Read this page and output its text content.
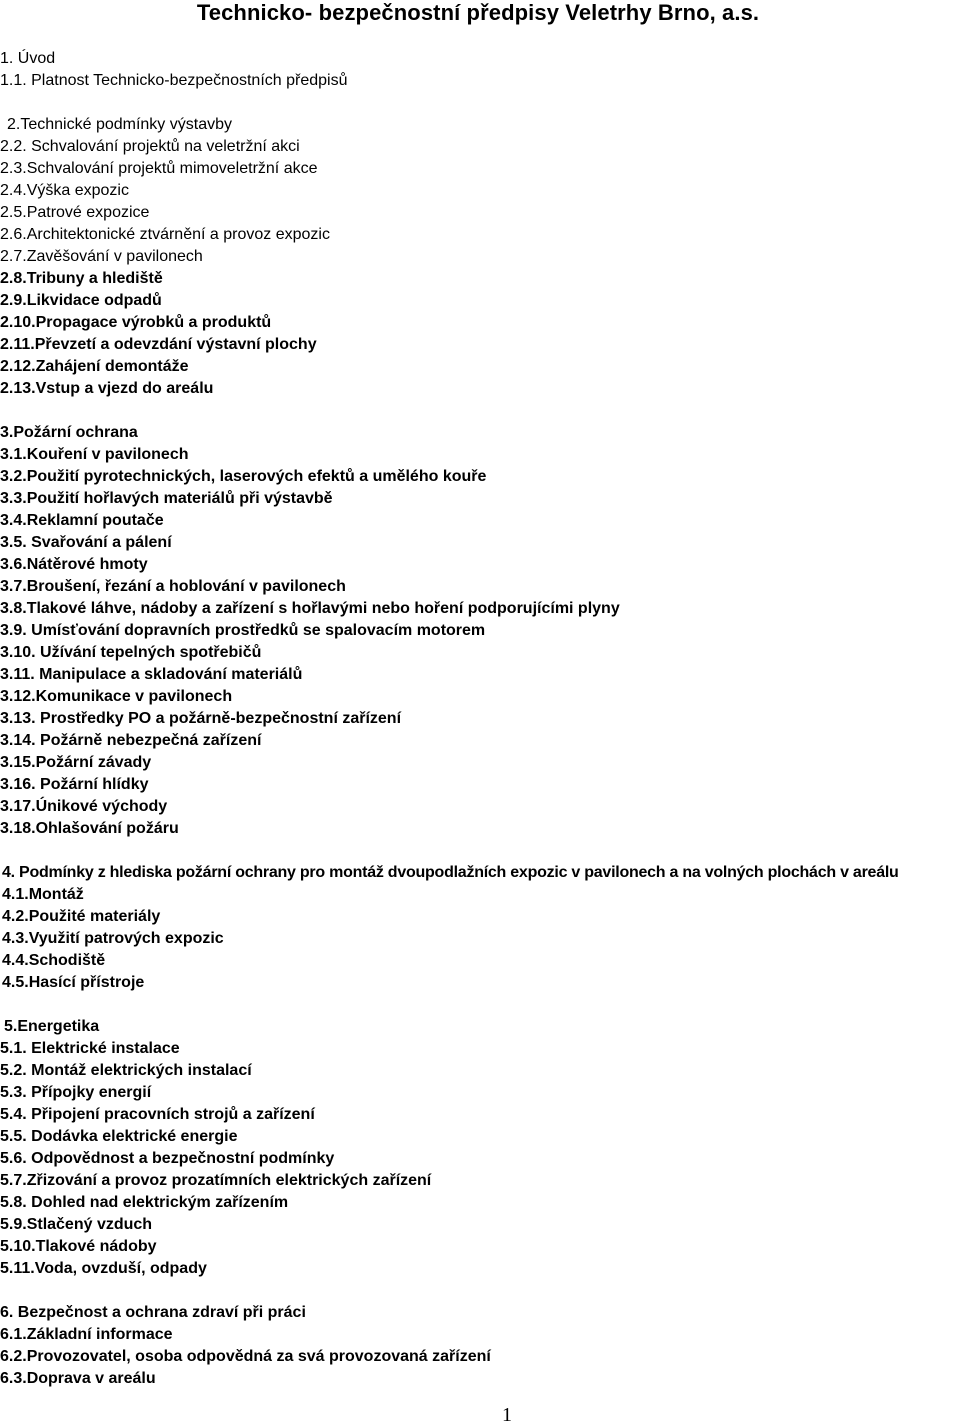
Technicko- bezpečnostní předpisy Veletrhy Brno, a.s.
1. Úvod
1.1. Platnost Technicko-bezpečnostních předpisů
2.Technické podmínky výstavby
2.2. Schvalování projektů na veletržní akci
2.3.Schvalování projektů mimoveletržní akce
2.4.Výška expozic
2.5.Patrové expozice
2.6.Architektonické ztvárnění a provoz expozic
2.7.Zavěšování v pavilonech
2.8.Tribuny a hlediště
2.9.Likvidace odpadů
2.10.Propagace výrobků a produktů
2.11.Převzetí a odevzdání výstavní plochy
2.12.Zahájení demontáže
2.13.Vstup a vjezd do areálu
3.Požární ochrana
3.1.Kouření v pavilonech
3.2.Použití pyrotechnických, laserových efektů a umělého kouře
3.3.Použití hořlavých materiálů při výstavbě
3.4.Reklamní poutače
3.5. Svařování a pálení
3.6.Nátěrové hmoty
3.7.Broušení, řezání a hoblování v pavilonech
3.8.Tlakové láhve, nádoby a zařízení s hořlavými nebo hoření podporujícími plyny
3.9. Umísťování dopravních prostředků se spalovacím motorem
3.10. Užívání tepelných spotřebičů
3.11. Manipulace a skladování materiálů
3.12.Komunikace v pavilonech
3.13. Prostředky PO a požárně-bezpečnostní zařízení
3.14. Požárně nebezpečná zařízení
3.15.Požární závady
3.16. Požární hlídky
3.17.Únikové východy
3.18.Ohlašování požáru
4. Podmínky z hlediska požární ochrany pro montáž dvoupodlažních expozic v pavilonech a na volných plochách v areálu
4.1.Montáž
4.2.Použité materiály
4.3.Využití patrových expozic
4.4.Schodiště
4.5.Hasící přístroje
5.Energetika
5.1. Elektrické instalace
5.2. Montáž elektrických instalací
5.3. Přípojky energií
5.4. Připojení pracovních strojů a zařízení
5.5. Dodávka elektrické energie
5.6. Odpovědnost a bezpečnostní podmínky
5.7.Zřizování a provoz prozatímních elektrických zařízení
5.8. Dohled nad elektrickým zařízením
5.9.Stlačený vzduch
5.10.Tlakové nádoby
5.11.Voda, ovzduší, odpady
6. Bezpečnost a ochrana zdraví při práci
6.1.Základní informace
6.2.Provozovatel, osoba odpovědná za svá provozovaná zařízení
6.3.Doprava v areálu
1
